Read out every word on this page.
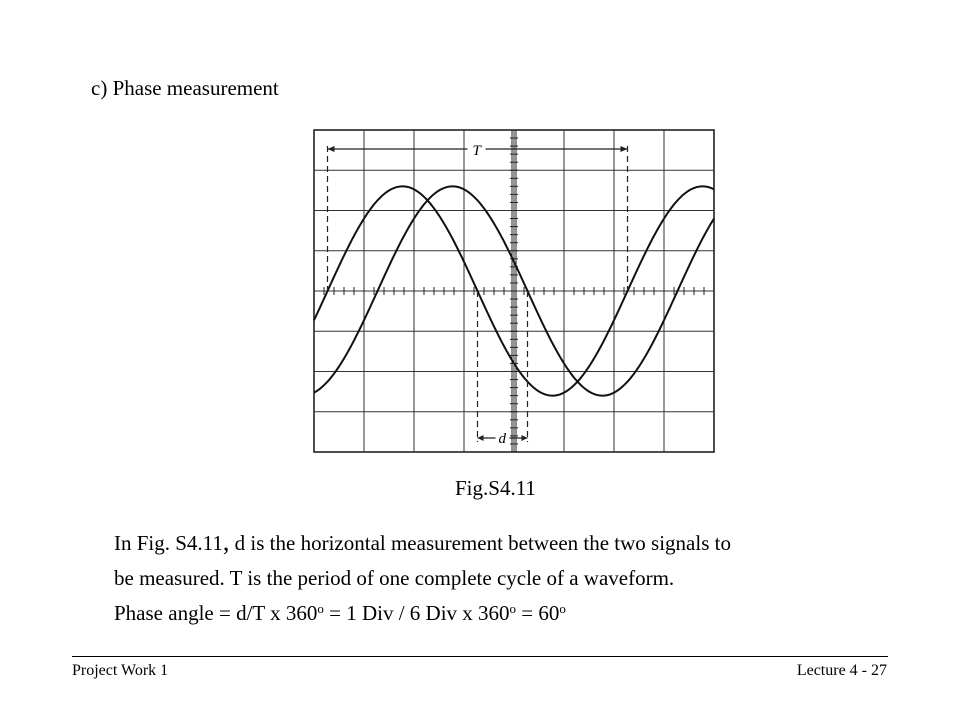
c) Phase measurement
T
d
Fig.S4.11

In Fig. S4.11, d is the horizontal measurement between the two signals to

be measured. T is the period of one complete cycle of a waveform.

Phase angle = d/T x $360^o = 1$ Div / 6 Div x $360^o = 60^o$

Project Work 1	Lecture 4 - 27
